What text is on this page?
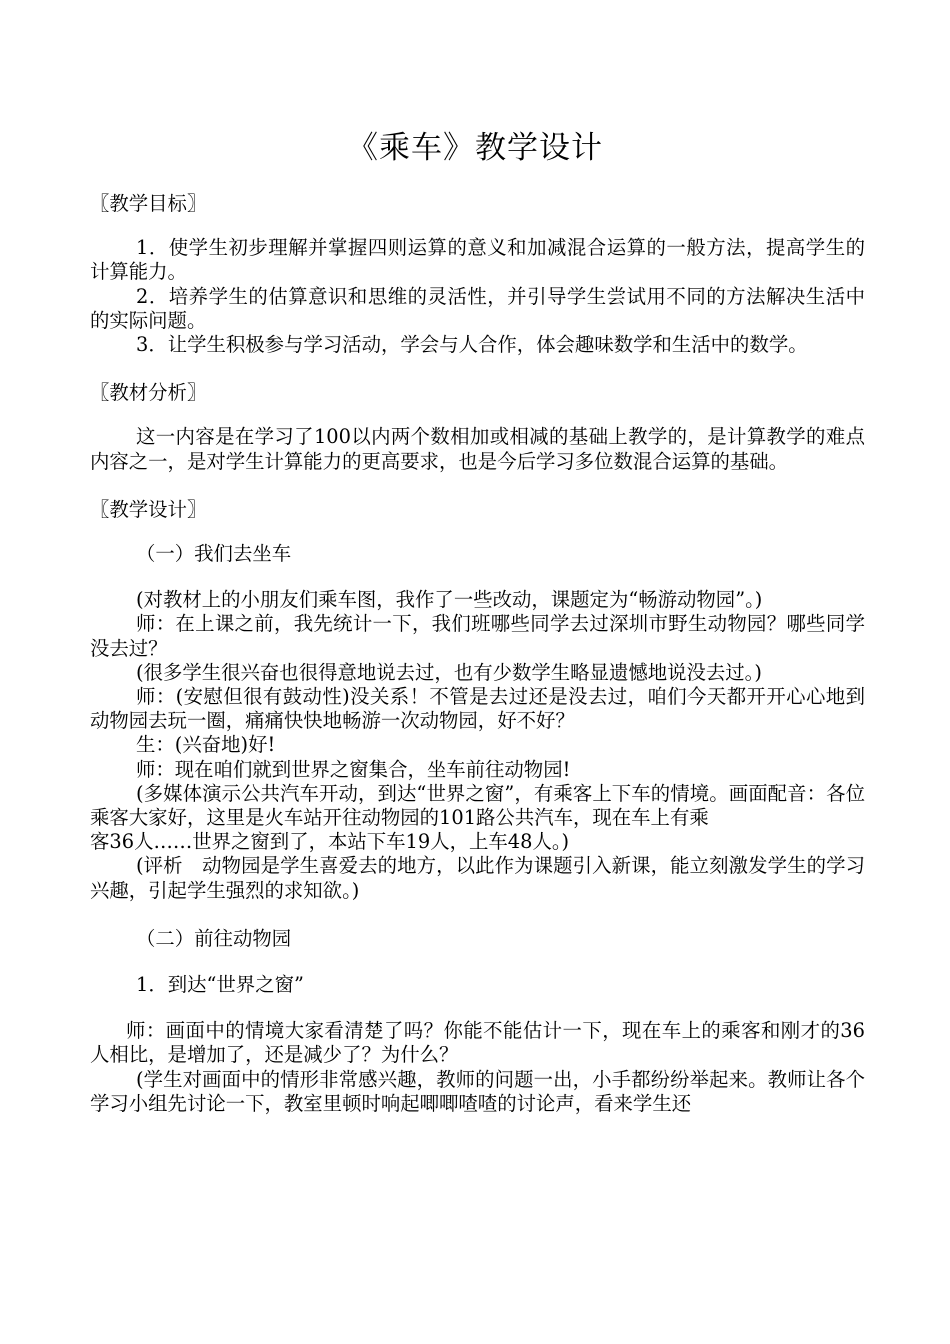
《乘车》教学设计

〖教学目标〗

1．使学生初步理解并掌握四则运算的意义和加减混合运算的一般方法，提高学生的计算能力。

2．培养学生的估算意识和思维的灵活性，并引导学生尝试用不同的方法解决生活中的实际问题。

3．让学生积极参与学习活动，学会与人合作，体会趣味数学和生活中的数学。

〖教材分析〗

这一内容是在学习了100以内两个数相加或相减的基础上教学的，是计算教学的难点内容之一，是对学生计算能力的更高要求，也是今后学习多位数混合运算的基础。

〖教学设计〗

（一）我们去坐车

(对教材上的小朋友们乘车图，我作了一些改动，课题定为“畅游动物园”。)

师：在上课之前，我先统计一下，我们班哪些同学去过深圳市野生动物园？哪些同学没去过？

(很多学生很兴奋也很得意地说去过，也有少数学生略显遗憾地说没去过。)

师：(安慰但很有鼓动性)没关系！不管是去过还是没去过，咱们今天都开开心心地到动物园去玩一圈，痛痛快快地畅游一次动物园，好不好？

生：(兴奋地)好!

师：现在咱们就到世界之窗集合，坐车前往动物园!

(多媒体演示公共汽车开动，到达“世界之窗”，有乘客上下车的情境。画面配音：各位乘客大家好，这里是火车站开往动物园的101路公共汽车，现在车上有乘

客36人……世界之窗到了，本站下车19人，上车48人。)

(评析　动物园是学生喜爱去的地方，以此作为课题引入新课，能立刻激发学生的学习兴趣，引起学生强烈的求知欲。)

（二）前往动物园

1．到达“世界之窗”

师：画面中的情境大家看清楚了吗？你能不能估计一下，现在车上的乘客和刚才的36人相比，是增加了，还是减少了？为什么？

(学生对画面中的情形非常感兴趣，教师的问题一出，小手都纷纷举起来。教师让各个学习小组先讨论一下，教室里顿时响起唧唧喳喳的讨论声，看来学生还
